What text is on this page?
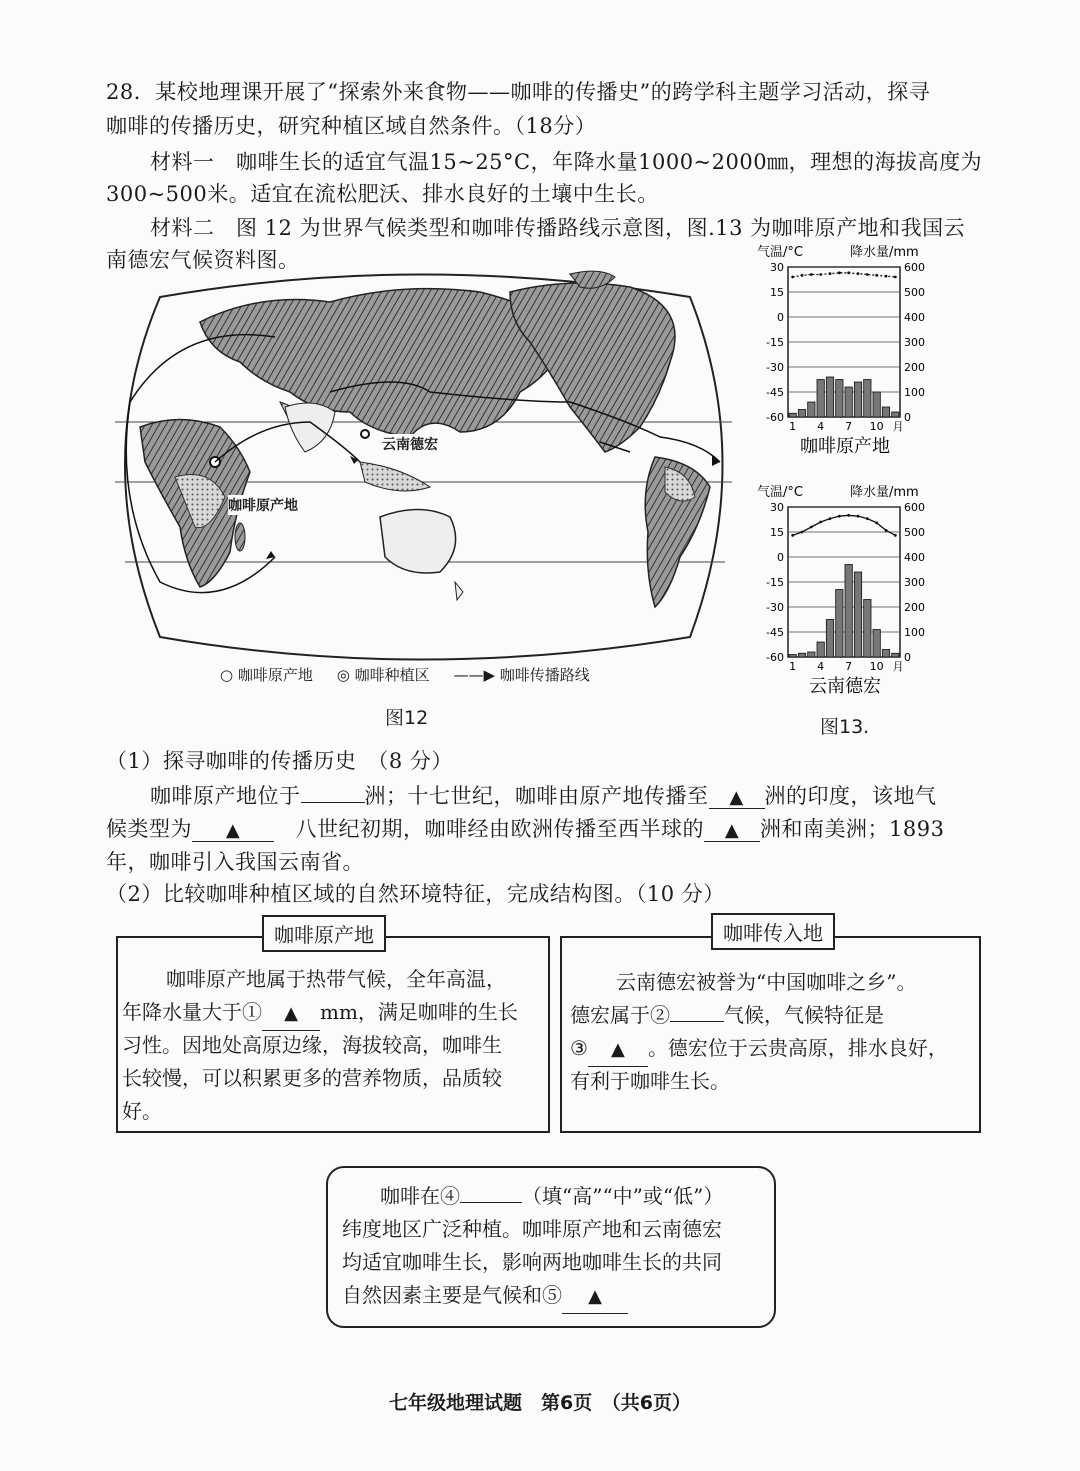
28．某校地理课开展了“探索外来食物——咖啡的传播史”的跨学科主题学习活动，探寻
咖啡的传播历史，研究种植区域自然条件。（18分）
材料一　咖啡生长的适宜气温15~25°C，年降水量1000~2000㎜，理想的海拔高度为
300~500米。适宜在流松肥沃、排水良好的土壤中生长。
材料二　图 12 为世界气候类型和咖啡传播路线示意图，图.13 为咖啡原产地和我国云
南德宏气候资料图。
云南德宏
咖啡原产地
○ 咖啡原产地 ◎ 咖啡种植区 ——▶ 咖啡传播路线
图12
气温/°C	降水量/mm
30
15
0
-15
-30
-45
-60
600
500
400
300
200
100
0
1 4 7 10 月
咖啡原产地
气温/°C	降水量/mm
30
15
0
-15
-30
-45
-60
600
500
400
300
200
100
0
1 4 7 10 月
云南德宏
图13.
（1）探寻咖啡的传播历史　（8 分）
咖啡原产地位于	洲；十七世纪，咖啡由原产地传播至 ▲ 洲的印度，该地气
候类型为 ▲	八世纪初期，咖啡经由欧洲传播至西半球的 ▲ 洲和南美洲；1893
年，咖啡引入我国云南省。
（2）比较咖啡种植区域的自然环境特征，完成结构图。（10 分）
咖啡原产地
咖啡原产地属于热带气候，全年高温，
年降水量大于① ▲ mm，满足咖啡的生长
习性。因地处高原边缘，海拔较高，咖啡生
长较慢，可以积累更多的营养物质，品质较
好。
咖啡传入地
云南德宏被誉为“中国咖啡之乡”。
德宏属于②	气候，气候特征是
③ ▲ 。德宏位于云贵高原，排水良好，
有利于咖啡生长。
咖啡在④	（填“高”“中”或“低”）
纬度地区广泛种植。咖啡原产地和云南德宏
均适宜咖啡生长，影响两地咖啡生长的共同
自然因素主要是气候和⑤ ▲
七年级地理试题　第6页　（共6页）
